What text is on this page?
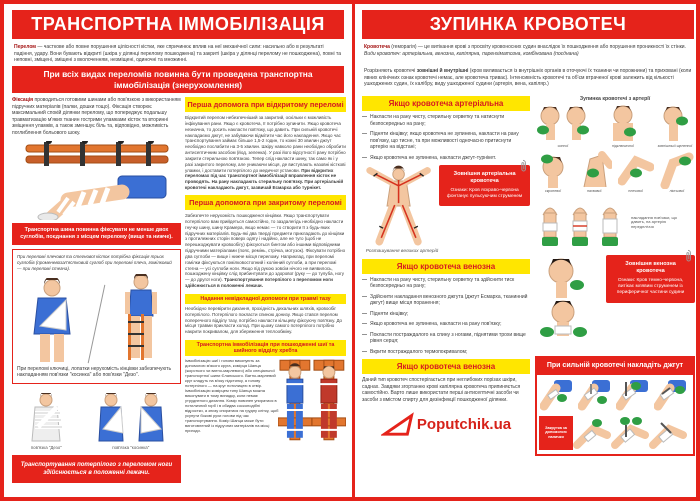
ТРАНСПОРТНА ІММОБІЛІЗАЦІЯ

Перелом — часткове або повне порушення цілісності кістки, яке спричинює вплив на неї механічної сили: насильно або в результаті падіння, удару. Вони бувають відкриті (шкіра у ділянці перелому пошкоджена) та закриті (шкіра у ділянці перелому не пошкоджена), повні та неповні, зміщені, зміщені з вколоченням, незміщені, одиночні та множинні.

При всіх видах переломів повинна бути проведена транспортна іммобілізація (знерухомлення)

Фіксація проводиться готовими шинами або пов'язкою з використанням підручних матеріалів (палки, дошки тощо). Фіксація створює максимальний спокій ділянки перелому, що попереджує подальшу травматизацію м'яких тканин гострими уламками кісток та вторинні зміщення уламків, а також зменшує біль та, відповідно, можливість поглиблення больового шоку.

Транспортна шина повинна фіксувати не менше двох суглобів, поєднання з місцем перелому (вище та нижче).

При переломі плечової та стегнової кісток потрібна фіксація трьох суглобів (променевозап'ястковий суглоб при переломі плеча, гомілковий — при переломі стегна).

При переломі ключиці, лопатки нерухомість кінцівки забезпечують накладанням пов'язки "косинка" або пов'язки "Дезо".

пов'язка "Дезо"	пов'язка "косинка"
Транспортування потерпілого з переломом ноги здійснюється в положенні лежачи.
Перша допомога при відкритому переломі

Відкритий перелом небезпечніший за закритий, оскільки є можливість інфікування рани. Якщо є кровотеча, її потрібно зупинити. Якщо кровотеча незначна, то досить накласти пов'язку, що давить. При сильній кровотечі накладаємо джгут, не забуваючи відмітити час його накладення. Якщо час транспортування займає більше 1,5-2 годин, то кожні 30 хвилин джгут необхідно послабити на 3-5 хвилин. Шкіру навколо рани необхідно обробити антисептичним засобом (йод, зеленка). У разі його відсутності рану потрібно закрити стерильною пов'язкою. Тепер слід накласти шину, так само як і у разі закритого перелому, але уникаючи місця, де виступають назовні кісткові уламки, і доставити потерпілого до медичної установи. При відкритих переломах під час транспортної іммобілізації вправлення кісток не проводять. На рану накладають стерильну пов'язку. При артеріальній кровотечі накладають джгут, зазвичай Есмарха або турнікет.

Перша допомога при закритому переломі

Забезпечте нерухомість пошкодженої кінцівки. Якщо транспортувати потерпілого вам прийдеться самостійно, то заздалегідь необхідно накласти гнучку шину, шину Крамера, якщо немає — то створити її з будь-яких підручних матеріалів. Будь-які два тверді предмети прикладають до кінцівки з протилежних сторін поверх одягу і надійно, але не туго (щоб не перешкоджувати кровообігу) фіксуються бинтом або іншими відповідними підручними матеріалами (пояс, ремінь, стрічка, мотузок). Фіксувати потрібно два суглоби — вище і нижче місця перелому. Наприклад, при переломі гомілки фіксуються гомілковостопний і колінний суглоби, а при переломі стегна — усі суглоби ноги. Якщо під рукою зовсім нічого не виявилось, пошкоджену кінцівку слід прибинтувати до здорової (руку — до тулуба, ногу — до другої ноги). Транспортування потерпілого з переломом ноги здійснюється в положенні лежачи.

Надання невідкладної допомоги при травмі тазу

Необхідно перевірити дихання, прохідність дихальних шляхів, кровообіг потерпілого. Потерпілого покласти спиною донизу. Якщо стався перелом поперечного відділу тазу, потрібно накласти кільцеву фіксуючу пов'язку. До місця травми прикласти холод. При цьому самого потерпілого потрібно накрити покривалом, для збереження теплообміну.

Транспортна іммобілізація при пошкодженні шиї та шийного відділу хребта

Іммобілізацію шиї і голови виконують за допомогою м'якого круга, комірця Шанца (жорсткого чи ватно-марлевого) або спеціальної транспортної шини Єланського. Ватно-марлевий круг кладуть на м'яку підстилку, а голову потерпілого — на круг потилицею в отвір. Іммобілізацію комірцем типу Шанца можна виконувати в тому випадку, коли немає утрудненого дихання. Комір повинен упиратися в потиличний горб і в обидва соскоподібні відростки, а знизу спиратися на грудну клітку, щоб усунути бокові рухи голови під час транспортування. Комір Шанца може бути виготовлений із підручних матеріалів на місці пригоди.

ЗУПИНКА КРОВОТЕЧ

Кровотеча (геморагія) — це витікання крові з просвіту кровоносних судин внаслідок їх пошкодження або порушення проникності їх стінки.
Види кровотеч: артеріальна, венозна, капілярна, паренхіматозна, комбінована (поєднана)

Розрізняють кровотечі зовнішні й внутрішні (кров виливається із внутрішніх органів в оточуючі їх тканини чи порожнини) та приховані (коли явних клінічних ознак кровотечі немає, але кровотеча триває). Інтенсивність кровотечі та об'єм втраченої крові залежить від кількості ушкоджених судин, їх калібру, виду ушкодженої судини (артерія, вена, капіляр.)

Якщо кровотеча артеріальна
— Накласти на рану чисту, стерильну серветку та натиснути безпосередньо на рану;
— Підняти кінцівку; якщо кровотеча не зупинена, накласти на рану пов'язку, що тисне, та при можливості одночасно притиснути артерію на відстані;
— Якщо кровотеча не зупинена, накласти джгут-турнікет.

Зовнішня артеріальна кровотеча

Ознаки: Кров яскраво-червона фонтанує пульсуючим струменем

Розташування великих артерій
Якщо кровотеча венозна
— Накласти на рану чисту, стерильну серветку та здійснити тиск безпосередньо на рану;
— Здійснити накладання венозного джгута (джгут Есмарха, тканинний джгут) вище місця поранення;
— Підняти кінцівку;
— Якщо кровотеча не зупинена, накласти на рану пов'язку;
— Покласти постраждалого на спину з ногами, піднятими трохи вище рівня серця;
— Вкрити постраждалого термопокривалом;
Якщо кровотеча венозна

Даний тип кровотеч спостерігається при неглибоких порізах шкіри, саднах. Завдяки згортанню крові капілярна кровотеча припиняється самостійно. Варто лише використати перші антисептичні засоби чи засоби з вмістом спирту для дезінфекції пошкодженої ділянки.

Poputchik.ua
Зупинка кровотечі з артерії
сонної	підключичної	зовнішньої щелепної
скроневої	пахвової	плечової	ліктьової
накладання пов'язки, що давить, на артерію передпліччя

Зовнішня венозна кровотеча

Ознаки: Кров темно-червона, витікає млявим струменем із периферичної частини судини

При сильній кровотечі накладіть джгут
Закрутка за допомогою палички
